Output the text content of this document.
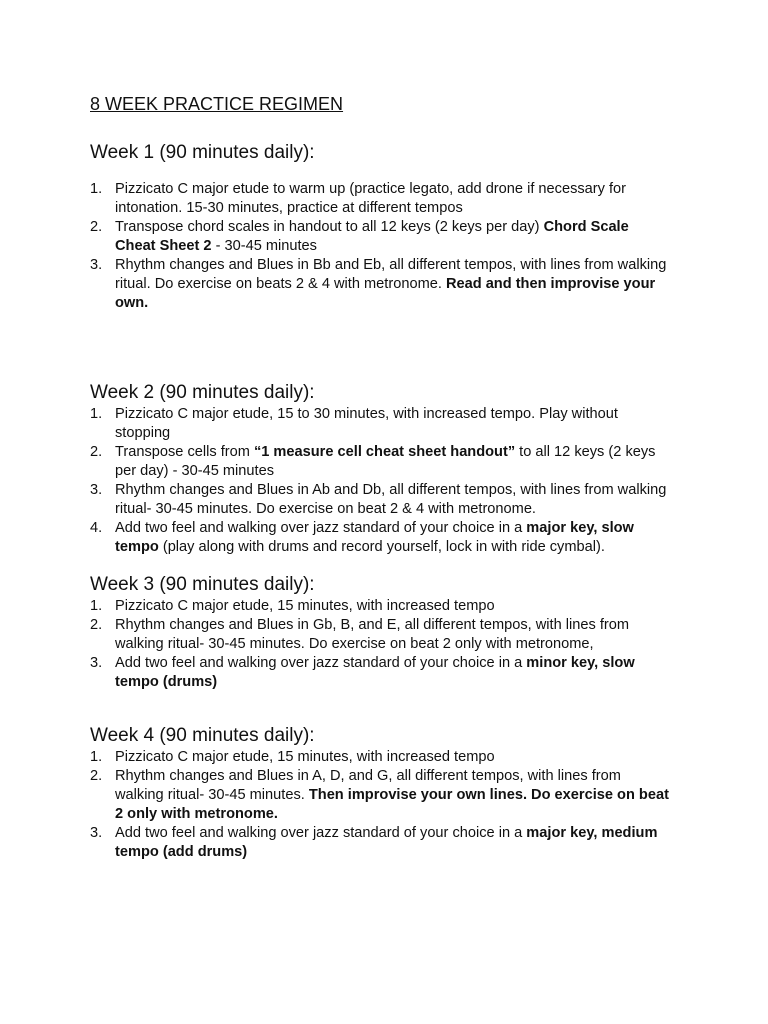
8 WEEK PRACTICE REGIMEN
Week 1 (90 minutes daily):
1. Pizzicato C major etude to warm up (practice legato, add drone if necessary for intonation. 15-30 minutes, practice at different tempos
2. Transpose chord scales in handout to all 12 keys (2 keys per day) Chord Scale Cheat Sheet 2 - 30-45 minutes
3. Rhythm changes and Blues in Bb and Eb, all different tempos, with lines from walking ritual. Do exercise on beats 2 & 4 with metronome. Read and then improvise your own.
Week 2 (90 minutes daily):
1. Pizzicato C major etude, 15 to 30 minutes, with increased tempo. Play without stopping
2. Transpose cells from “1 measure cell cheat sheet handout” to all 12 keys (2 keys per day) - 30-45 minutes
3. Rhythm changes and Blues in Ab and Db, all different tempos, with lines from walking ritual- 30-45 minutes. Do exercise on beat 2 & 4 with metronome.
4. Add two feel and walking over jazz standard of your choice in a major key, slow tempo (play along with drums and record yourself, lock in with ride cymbal).
Week 3 (90 minutes daily):
1. Pizzicato C major etude, 15 minutes, with increased tempo
2. Rhythm changes and Blues in Gb, B, and E, all different tempos, with lines from walking ritual- 30-45 minutes. Do exercise on beat 2 only with metronome,
3. Add two feel and walking over jazz standard of your choice in a minor key, slow tempo (drums)
Week 4 (90 minutes daily):
1. Pizzicato C major etude, 15 minutes, with increased tempo
2. Rhythm changes and Blues in A, D, and G, all different tempos, with lines from walking ritual- 30-45 minutes. Then improvise your own lines. Do exercise on beat 2 only with metronome.
3. Add two feel and walking over jazz standard of your choice in a major key, medium tempo (add drums)
